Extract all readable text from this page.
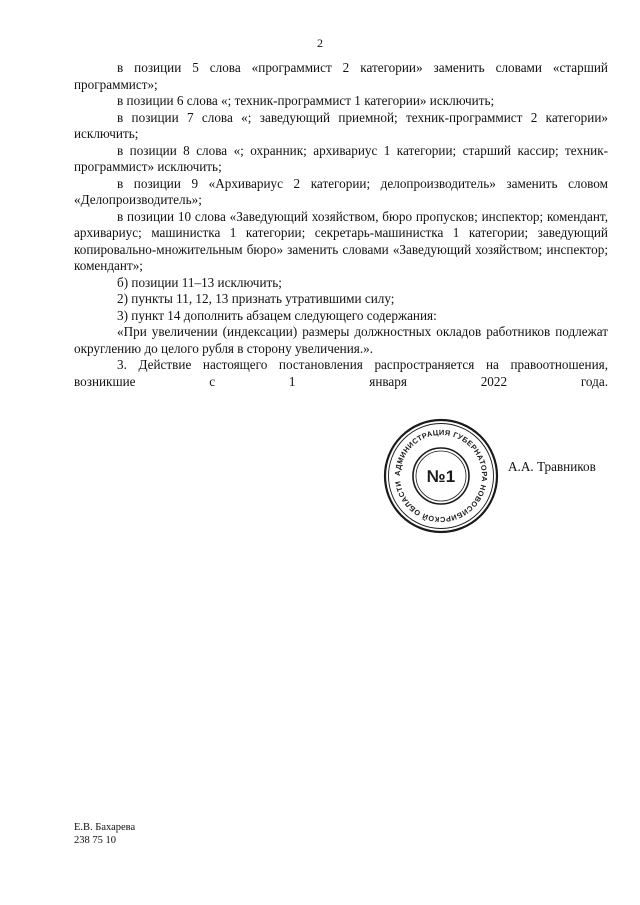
2

в позиции 5 слова «программист 2 категории» заменить словами «старший программист»;

в позиции 6 слова «; техник-программист 1 категории» исключить;

в позиции 7 слова «; заведующий приемной; техник-программист 2 категории» исключить;

в позиции 8 слова «; охранник; архивариус 1 категории; старший кассир; техник-программист» исключить;

в позиции 9 «Архивариус 2 категории; делопроизводитель» заменить словом «Делопроизводитель»;

в позиции 10 слова «Заведующий хозяйством, бюро пропусков; инспектор; комендант, архивариус; машинистка 1 категории; секретарь-машинистка 1 категории; заведующий копировально-множительным бюро» заменить словами «Заведующий хозяйством; инспектор; комендант»;

б) позиции 11–13 исключить;

2) пункты 11, 12, 13 признать утратившими силу;

3) пункт 14 дополнить абзацем следующего содержания:

«При увеличении (индексации) размеры должностных окладов работников подлежат округлению до целого рубля в сторону увеличения.».

3. Действие настоящего постановления распространяется на правоотношения, возникшие с 1 января 2022 года.

АДМИНИСТРАЦИЯ ГУБЕРНАТОРА НОВОСИБИРСКОЙ ОБЛАСТИ	№1
А.А. Травников
Е.В. Бахарева
238 75 10
